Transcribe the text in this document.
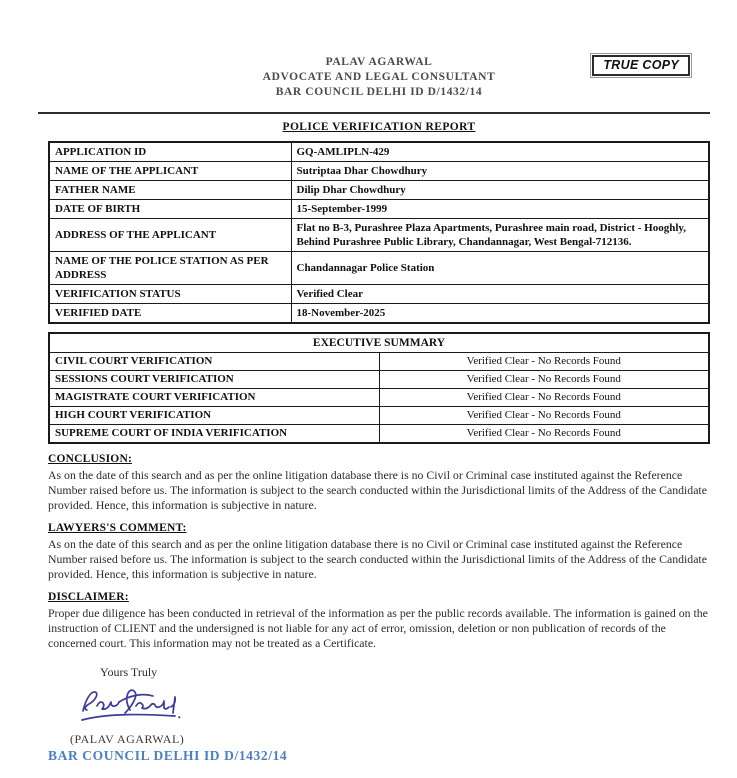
PALAV AGARWAL
ADVOCATE AND LEGAL CONSULTANT
BAR COUNCIL DELHI ID D/1432/14
TRUE COPY
POLICE VERIFICATION REPORT
APPLICATION ID	GQ-AMLIPLN-429
NAME OF THE APPLICANT	Sutriptaa Dhar Chowdhury
FATHER NAME	Dilip Dhar Chowdhury
DATE OF BIRTH	15-September-1999
ADDRESS OF THE APPLICANT	Flat no B-3, Purashree Plaza Apartments, Purashree main road, District - Hooghly, Behind Purashree Public Library, Chandannagar, West Bengal-712136.
NAME OF THE POLICE STATION AS PER ADDRESS	Chandannagar Police Station
VERIFICATION STATUS	Verified Clear
VERIFIED DATE	18-November-2025
EXECUTIVE SUMMARY	
CIVIL COURT VERIFICATION	Verified Clear - No Records Found
SESSIONS COURT VERIFICATION	Verified Clear - No Records Found
MAGISTRATE COURT VERIFICATION	Verified Clear - No Records Found
HIGH COURT VERIFICATION	Verified Clear - No Records Found
SUPREME COURT OF INDIA VERIFICATION	Verified Clear - No Records Found
CONCLUSION:
As on the date of this search and as per the online litigation database there is no Civil or Criminal case instituted against the Reference Number raised before us. The information is subject to the search conducted within the Jurisdictional limits of the Address of the Candidate provided. Hence, this information is subjective in nature.
LAWYERS'S COMMENT:
As on the date of this search and as per the online litigation database there is no Civil or Criminal case instituted against the Reference Number raised before us. The information is subject to the search conducted within the Jurisdictional limits of the Address of the Candidate provided. Hence, this information is subjective in nature.
DISCLAIMER:
Proper due diligence has been conducted in retrieval of the information as per the public records available. The information is gained on the instruction of CLIENT and the undersigned is not liable for any act of error, omission, deletion or non publication of records of the concerned court. This information may not be treated as a Certificate.
Yours Truly
(PALAV AGARWAL)
BAR COUNCIL DELHI ID D/1432/14
